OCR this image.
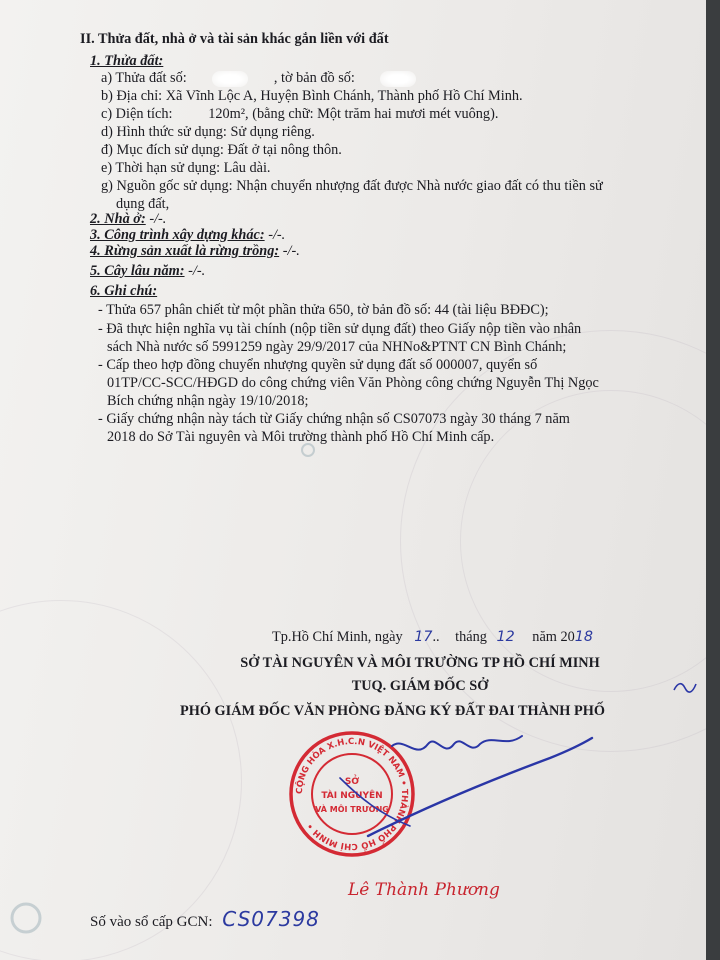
II. Thửa đất, nhà ở và tài sản khác gắn liền với đất
1. Thửa đất:
a) Thửa đất số:	, tờ bản đồ số:
b) Địa chỉ: Xã Vĩnh Lộc A, Huyện Bình Chánh, Thành phố Hồ Chí Minh.
c) Diện tích:          120m², (bằng chữ: Một trăm hai mươi mét vuông).
d) Hình thức sử dụng: Sử dụng riêng.
đ) Mục đích sử dụng: Đất ở tại nông thôn.
e) Thời hạn sử dụng: Lâu dài.
g) Nguồn gốc sử dụng: Nhận chuyển nhượng đất được Nhà nước giao đất có thu tiền sử
dụng đất,
2. Nhà ở: -/-.
3. Công trình xây dựng khác: -/-.
4. Rừng sản xuất là rừng trồng: -/-.
5. Cây lâu năm: -/-.
6. Ghi chú:
- Thửa 657 phân chiết từ một phần thửa 650, tờ bản đồ số: 44 (tài liệu BĐĐC);
- Đã thực hiện nghĩa vụ tài chính (nộp tiền sử dụng đất) theo Giấy nộp tiền vào nhân
sách Nhà nước số 5991259 ngày 29/9/2017 của NHNo&PTNT CN Bình Chánh;
- Cấp theo hợp đồng chuyển nhượng quyền sử dụng đất số 000007, quyển số
01TP/CC-SCC/HĐGD do công chứng viên Văn Phòng công chứng Nguyễn Thị Ngọc
Bích chứng nhận ngày 19/10/2018;
- Giấy chứng nhận này tách từ Giấy chứng nhận số CS07073 ngày 30 tháng 7 năm
2018 do Sở Tài nguyên và Môi trường thành phố Hồ Chí Minh cấp.
Tp.Hồ Chí Minh, ngày 17.. tháng 12 năm 2018
SỞ TÀI NGUYÊN VÀ MÔI TRƯỜNG TP HỒ CHÍ MINH
TUQ. GIÁM ĐỐC SỞ
PHÓ GIÁM ĐỐC VĂN PHÒNG ĐĂNG KÝ ĐẤT ĐAI THÀNH PHỐ
CỘNG HÒA X.H.C.N VIỆT NAM • THÀNH PHỐ HỒ CHÍ MINH •
SỞ
TÀI NGUYÊN
VÀ MÔI TRƯỜNG
Lê Thành Phương
Số vào sổ cấp GCN: CS07398
